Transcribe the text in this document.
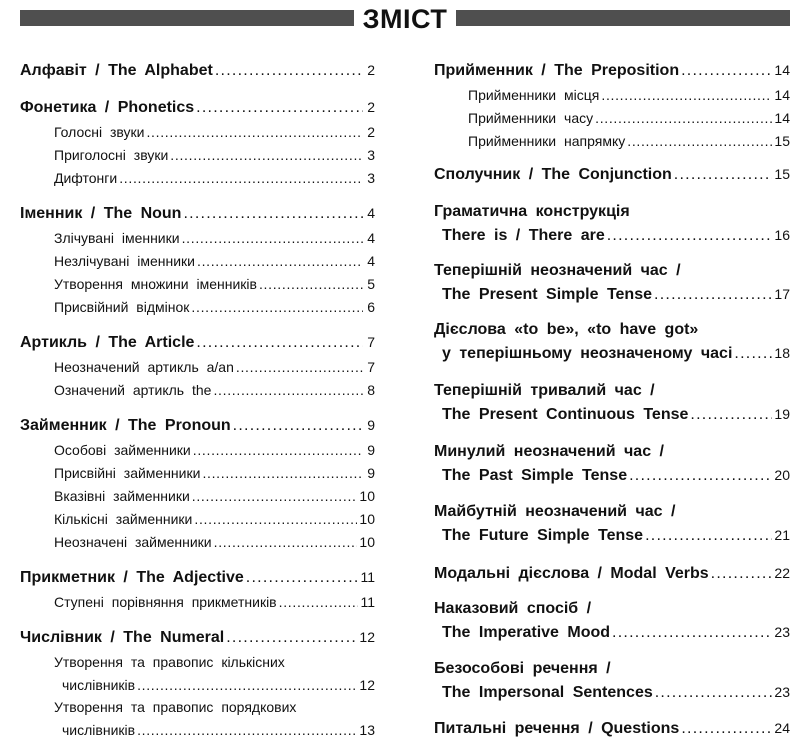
ЗМІСТ
Алфавіт / The Alphabet . . .	2
Фонетика / Phonetics . . .	2
Голосні звуки . . .	2
Приголосні звуки . . .	3
Дифтонги . . .	3
Іменник / The Noun . . .	4
Злічувані іменники . . .	4
Незлічувані іменники . . .	4
Утворення множини іменників . . .	5
Присвійний відмінок . . .	6
Артикль / The Article . . .	7
Неозначений артикль a/an . . .	7
Означений артикль the . . .	8
Займенник / The Pronoun . . .	9
Особові займенники . . .	9
Присвійні займенники . . .	9
Вказівні займенники . . .	10
Кількісні займенники . . .	10
Неозначені займенники . . .	10
Прикметник / The Adjective . . .	11
Ступені порівняння прикметників . . .	11
Числівник / The Numeral . . .	12
Утворення та правопис кількісних
числівників . . .	12
Утворення та правопис порядкових
числівників . . .	13
Прийменник / The Preposition . . .	14
Прийменники місця . . .	14
Прийменники часу . . .	14
Прийменники напрямку . . .	15
Сполучник / The Conjunction . . .	15
Граматична конструкція
There is / There are . . .	16
Теперішній неозначений час /
The Present Simple Tense . . .	17
Дієслова «to be», «to have got»
у теперішньому неозначеному часі . . .	18
Теперішній тривалий час /
The Present Continuous Tense . . .	19
Минулий неозначений час /
The Past Simple Tense . . .	20
Майбутній неозначений час /
The Future Simple Tense . . .	21
Модальні дієслова / Modal Verbs . . .	22
Наказовий спосіб /
The Imperative Mood . . .	23
Безособові речення /
The Impersonal Sentences . . .	23
Питальні речення / Questions . . .	24
